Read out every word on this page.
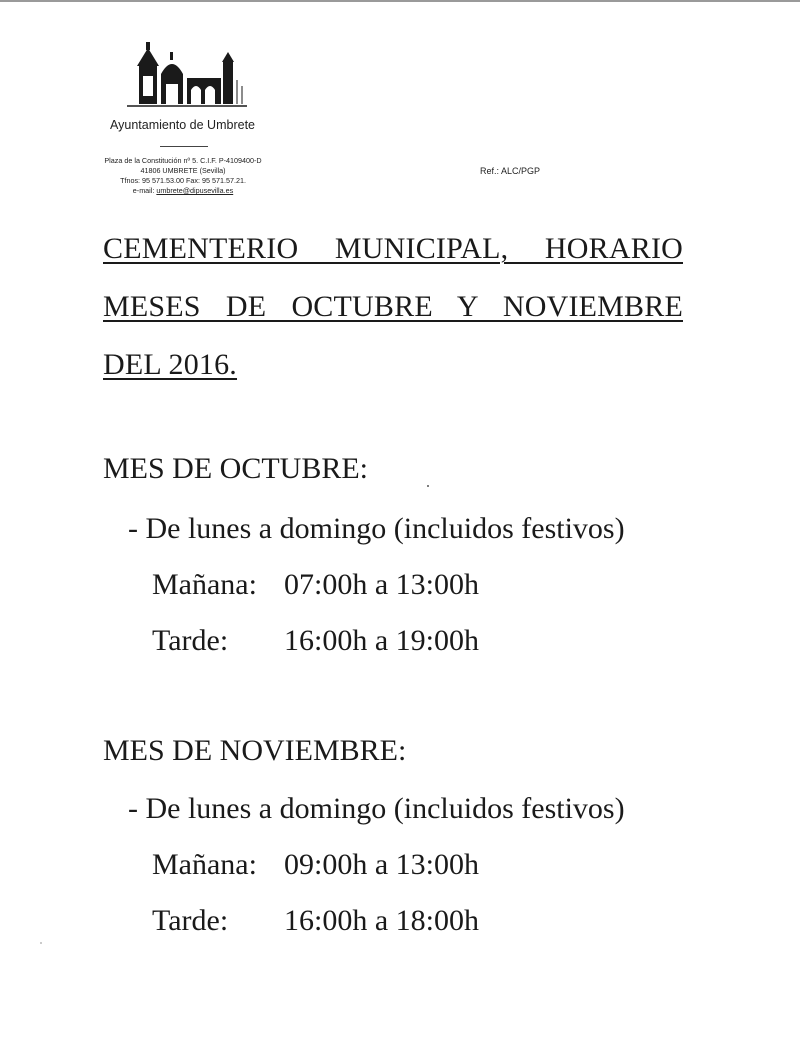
Ayuntamiento de Umbrete
Plaza de la Constitución nº 5. C.I.F. P-4109400-D
41806 UMBRETE (Sevilla)
Tfnos: 95 571.53.00 Fax: 95 571.57.21.
e-mail: umbrete@dipusevilla.es
Ref.: ALC/PGP
CEMENTERIO MUNICIPAL, HORARIO
MESES DE OCTUBRE Y NOVIEMBRE
DEL 2016.
MES DE OCTUBRE:
- De lunes a domingo (incluidos festivos)
Mañana: 07:00h a 13:00h
Tarde: 16:00h a 19:00h
MES DE NOVIEMBRE:
- De lunes a domingo (incluidos festivos)
Mañana: 09:00h a 13:00h
Tarde: 16:00h a 18:00h
